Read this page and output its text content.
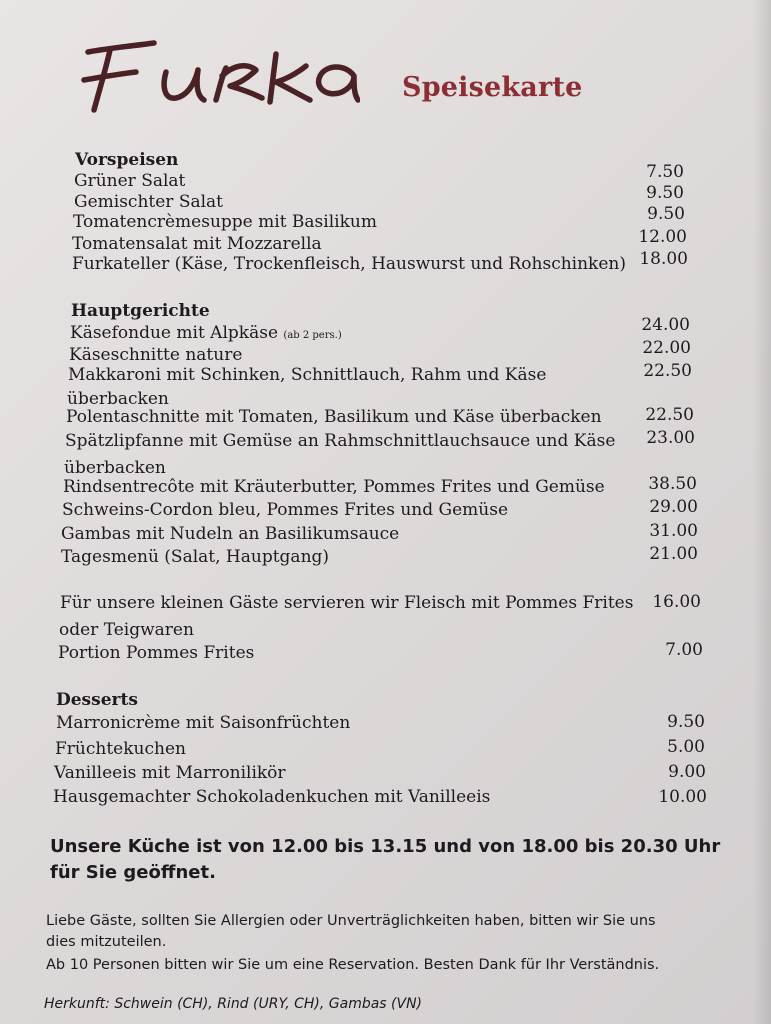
Speisekarte
Vorspeisen
Grüner Salat	7.50
Gemischter Salat	9.50
Tomatencrèmesuppe mit Basilikum	9.50
Tomatensalat mit Mozzarella	12.00
Furkateller (Käse, Trockenfleisch, Hauswurst und Rohschinken) 18.00
Hauptgerichte
Käsefondue mit Alpkäse (ab 2 pers.)
24.00
Käseschnitte nature	22.00
Makkaroni mit Schinken, Schnittlauch, Rahm und Käse
überbacken
22.50
Polentaschnitte mit Tomaten, Basilikum und Käse überbacken	22.50
Spätzlipfanne mit Gemüse an Rahmschnittlauchsauce und Käse
überbacken
23.00
Rindsentrecôte mit Kräuterbutter, Pommes Frites und Gemüse	38.50
Schweins-Cordon bleu, Pommes Frites und Gemüse	29.00
Gambas mit Nudeln an Basilikumsauce	31.00
Tagesmenü (Salat, Hauptgang)	21.00
Für unsere kleinen Gäste servieren wir Fleisch mit Pommes Frites
oder Teigwaren
16.00
Portion Pommes Frites	7.00
Desserts
Marronicrème mit Saisonfrüchten	9.50
Früchtekuchen	5.00
Vanilleeis mit Marronilikör	9.00
Hausgemachter Schokoladenkuchen mit Vanilleeis	10.00
Unsere Küche ist von 12.00 bis 13.15 und von 18.00 bis 20.30 Uhr für Sie geöffnet.
Liebe Gäste, sollten Sie Allergien oder Unverträglichkeiten haben, bitten wir Sie uns
dies mitzuteilen.
Ab 10 Personen bitten wir Sie um eine Reservation. Besten Dank für Ihr Verständnis.
Herkunft: Schwein (CH), Rind (URY, CH), Gambas (VN)
